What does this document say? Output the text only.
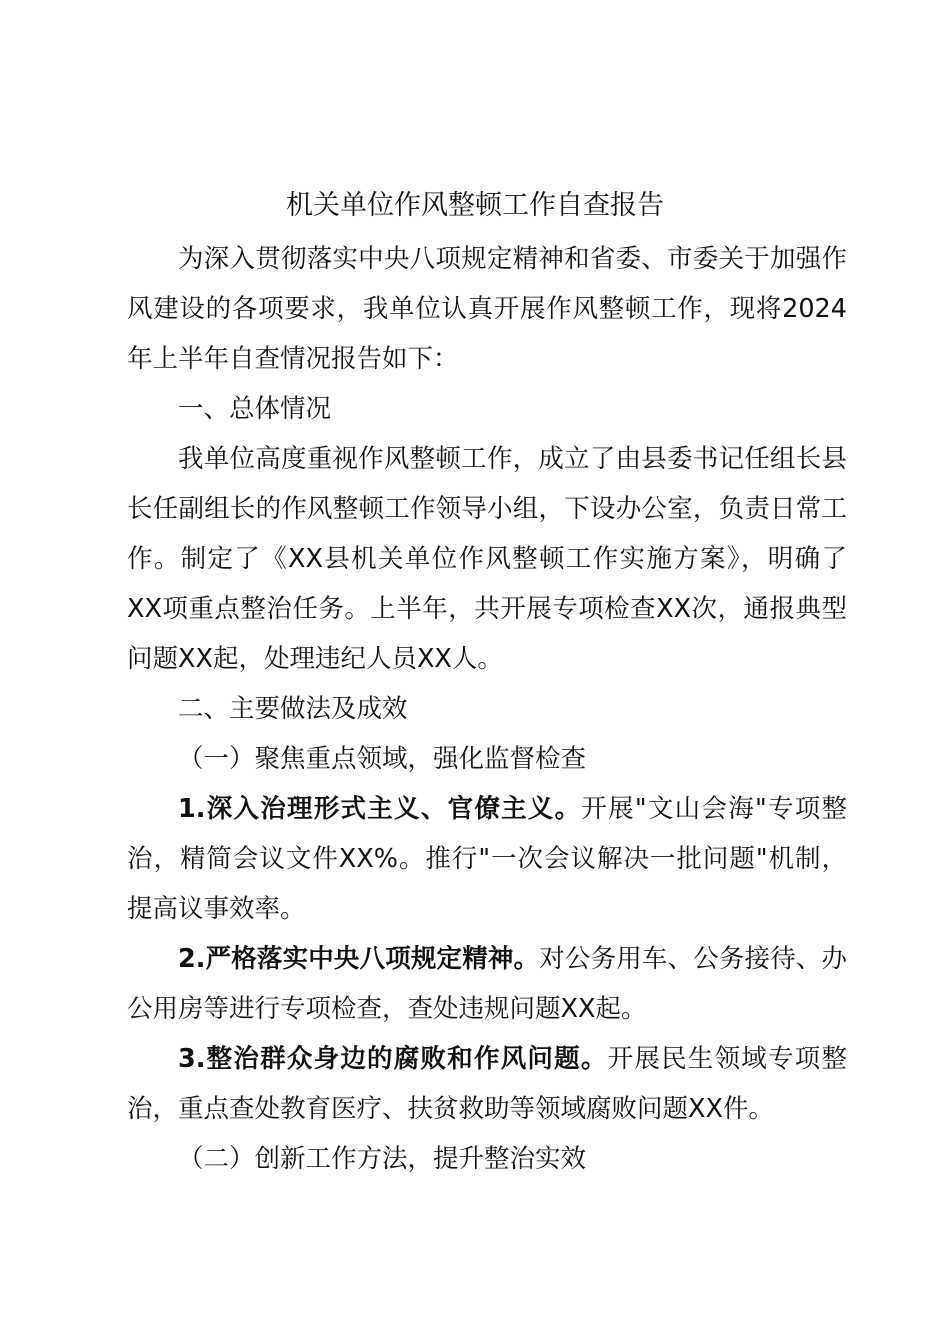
机关单位作风整顿工作自查报告

为深入贯彻落实中央八项规定精神和省委、市委关于加强作风建设的各项要求，我单位认真开展作风整顿工作，现将2024年上半年自查情况报告如下：

一、总体情况

我单位高度重视作风整顿工作，成立了由县委书记任组长县长任副组长的作风整顿工作领导小组，下设办公室，负责日常工作。制定了《XX县机关单位作风整顿工作实施方案》，明确了XX项重点整治任务。上半年，共开展专项检查XX次，通报典型问题XX起，处理违纪人员XX人。

二、主要做法及成效

（一）聚焦重点领域，强化监督检查

1.深入治理形式主义、官僚主义。开展"文山会海"专项整治，精简会议文件XX%。推行"一次会议解决一批问题"机制，提高议事效率。

2.严格落实中央八项规定精神。对公务用车、公务接待、办公用房等进行专项检查，查处违规问题XX起。

3.整治群众身边的腐败和作风问题。开展民生领域专项整治，重点查处教育医疗、扶贫救助等领域腐败问题XX件。

（二）创新工作方法，提升整治实效
